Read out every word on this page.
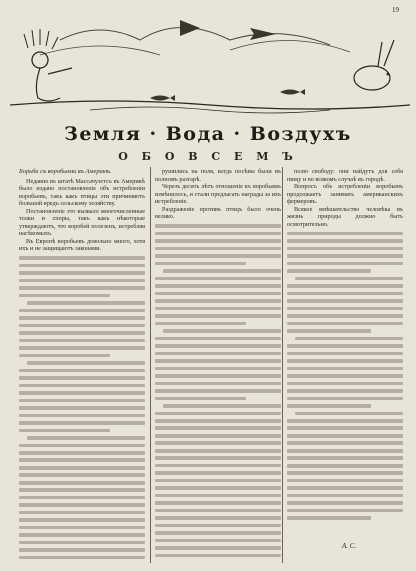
19
Земля · Вода · Воздухъ
О Б О В С Е М Ъ

Борьба съ воробьями въ Америкѣ.

Недавно въ штатѣ Массачузетсъ въ Америкѣ было издано постановленіе объ истребленіи воробьевъ, такъ какъ птицы эти причиняютъ большой вредъ сельскому хозяйству.

Постановленіе это вызвало многочисленные толки и споры, такъ какъ нѣкоторые утверждаютъ, что воробей полезенъ, истребляя насѣкомыхъ.

Въ Европѣ воробьевъ довольно много, хотя ихъ и не защищаютъ законами.

рушились на поля, когда посѣвы были въ полномъ разгарѣ.

Черезъ десять лѣтъ отношеніе къ воробьямъ измѣнилось, и стали предлагать награды за ихъ истребленіе.

Раздраженіе противъ птицъ было очень велико.

полю свободу: они найдутъ для себя пищу и во всякомъ случаѣ въ городѣ.

Вопросъ объ истребленіи воробьевъ продолжаетъ занимать американскихъ фермеровъ.

Всякое вмѣшательство человѣка въ жизнь природы должно быть осмотрительно.

А. С.
